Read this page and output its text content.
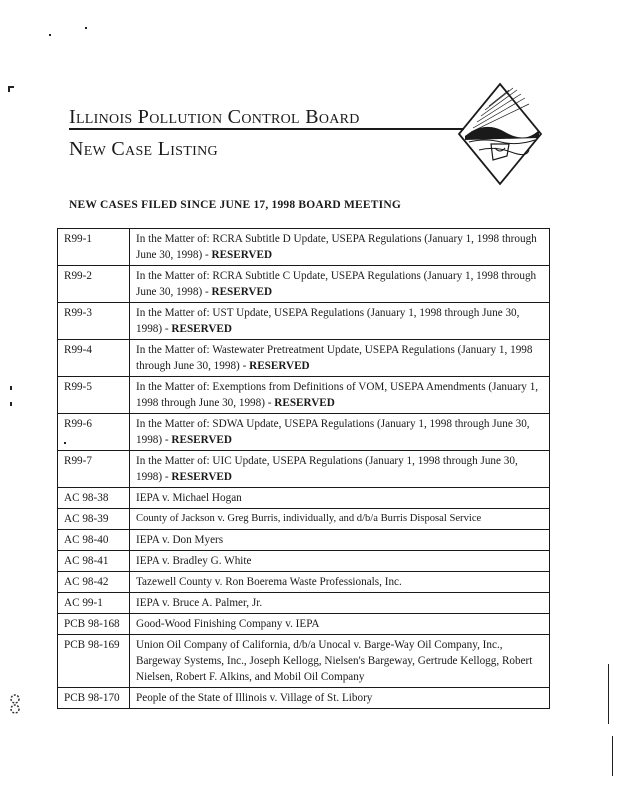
Illinois Pollution Control Board
New Case Listing
NEW CASES FILED SINCE JUNE 17, 1998 BOARD MEETING
R99-1	In the Matter of: RCRA Subtitle D Update, USEPA Regulations (January 1, 1998 through June 30, 1998) - RESERVED
R99-2	In the Matter of: RCRA Subtitle C Update, USEPA Regulations (January 1, 1998 through June 30, 1998) - RESERVED
R99-3	In the Matter of: UST Update, USEPA Regulations (January 1, 1998 through June 30, 1998) - RESERVED
R99-4	In the Matter of: Wastewater Pretreatment Update, USEPA Regulations (January 1, 1998 through June 30, 1998) - RESERVED
R99-5	In the Matter of: Exemptions from Definitions of VOM, USEPA Amendments (January 1, 1998 through June 30, 1998) - RESERVED
R99-6	In the Matter of: SDWA Update, USEPA Regulations (January 1, 1998 through June 30, 1998) - RESERVED
R99-7	In the Matter of: UIC Update, USEPA Regulations (January 1, 1998 through June 30, 1998) - RESERVED
AC 98-38	IEPA v. Michael Hogan
AC 98-39	County of Jackson v. Greg Burris, individually, and d/b/a Burris Disposal Service
AC 98-40	IEPA v. Don Myers
AC 98-41	IEPA v. Bradley G. White
AC 98-42	Tazewell County v. Ron Boerema Waste Professionals, Inc.
AC 99-1	IEPA v. Bruce A. Palmer, Jr.
PCB 98-168	Good-Wood Finishing Company v. IEPA
PCB 98-169	Union Oil Company of California, d/b/a Unocal v. Barge-Way Oil Company, Inc., Bargeway Systems, Inc., Joseph Kellogg, Nielsen's Bargeway, Gertrude Kellogg, Robert Nielsen, Robert F. Alkins, and Mobil Oil Company
PCB 98-170	People of the State of Illinois v. Village of St. Libory
